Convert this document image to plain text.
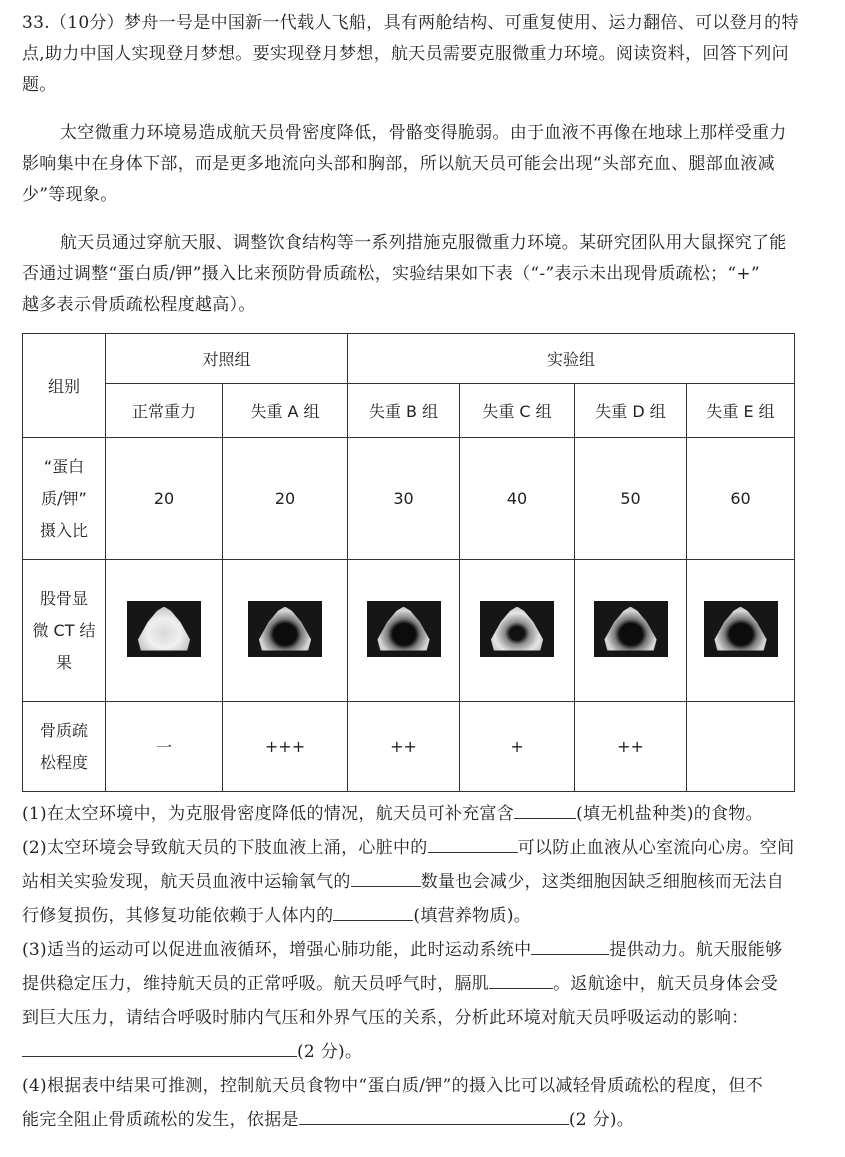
33.（10分）梦舟一号是中国新一代载人飞船，具有两舱结构、可重复使用、运力翻倍、可以登月的特
点,助力中国人实现登月梦想。要实现登月梦想，航天员需要克服微重力环境。阅读资料，回答下列问
题。
太空微重力环境易造成航天员骨密度降低，骨骼变得脆弱。由于血液不再像在地球上那样受重力
影响集中在身体下部，而是更多地流向头部和胸部，所以航天员可能会出现“头部充血、腿部血液减
少”等现象。
航天员通过穿航天服、调整饮食结构等一系列措施克服微重力环境。某研究团队用大鼠探究了能
否通过调整“蛋白质/钾”摄入比来预防骨质疏松，实验结果如下表（“-”表示未出现骨质疏松；“+”
越多表示骨质疏松程度越高）。
组别	对照组		实验组			
	正常重力	失重 A 组	失重 B 组	失重 C 组	失重 D 组	失重 E 组

“蛋白
质/钾”
摄入比	20	20	30	40	50	60

股骨显
微 CT 结
果						

骨质疏
松程度	一	+++	++	+	++	
(1)在太空环境中，为克服骨密度降低的情况，航天员可补充富含	(填无机盐种类)的食物。
(2)太空环境会导致航天员的下肢血液上涌，心脏中的	可以防止血液从心室流向心房。空间
站相关实验发现，航天员血液中运输氧气的	数量也会减少，这类细胞因缺乏细胞核而无法自
行修复损伤，其修复功能依赖于人体内的	(填营养物质)。
(3)适当的运动可以促进血液循环，增强心肺功能，此时运动系统中	提供动力。航天服能够
提供稳定压力，维持航天员的正常呼吸。航天员呼气时，膈肌	。返航途中，航天员身体会受
到巨大压力，请结合呼吸时肺内气压和外界气压的关系，分析此环境对航天员呼吸运动的影响：
(2 分)。
(4)根据表中结果可推测，控制航天员食物中“蛋白质/钾”的摄入比可以减轻骨质疏松的程度，但不
能完全阻止骨质疏松的发生，依据是	(2 分)。
